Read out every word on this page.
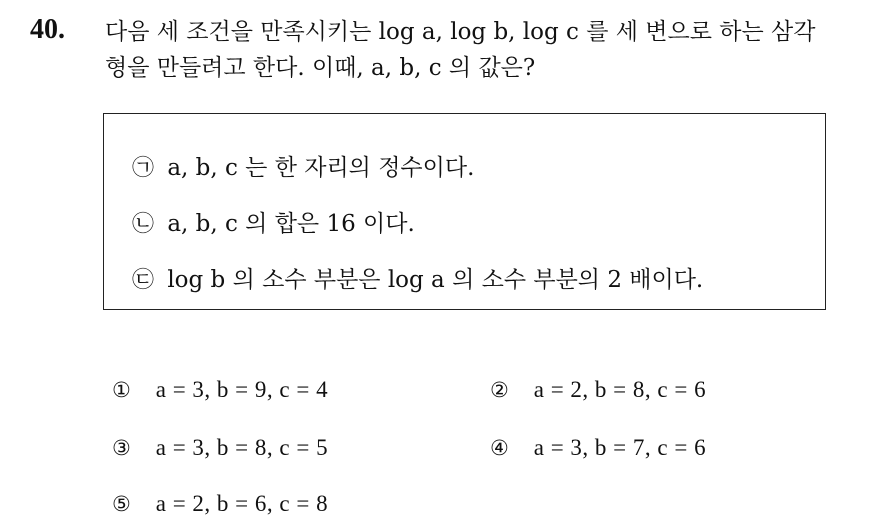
40. 다음 세 조건을 만족시키는 log a, log b, log c 를 세 변으로 하는 삼각
형을 만들려고 한다. 이때, a, b, c 의 값은?
㉠ a, b, c 는 한 자리의 정수이다.
㉡ a, b, c 의 합은 16 이다.
㉢ log b 의 소수 부분은 log a 의 소수 부분의 2 배이다.
① a = 3, b = 9, c = 4	② a = 2, b = 8, c = 6
③ a = 3, b = 8, c = 5	④ a = 3, b = 7, c = 6
⑤ a = 2, b = 6, c = 8
